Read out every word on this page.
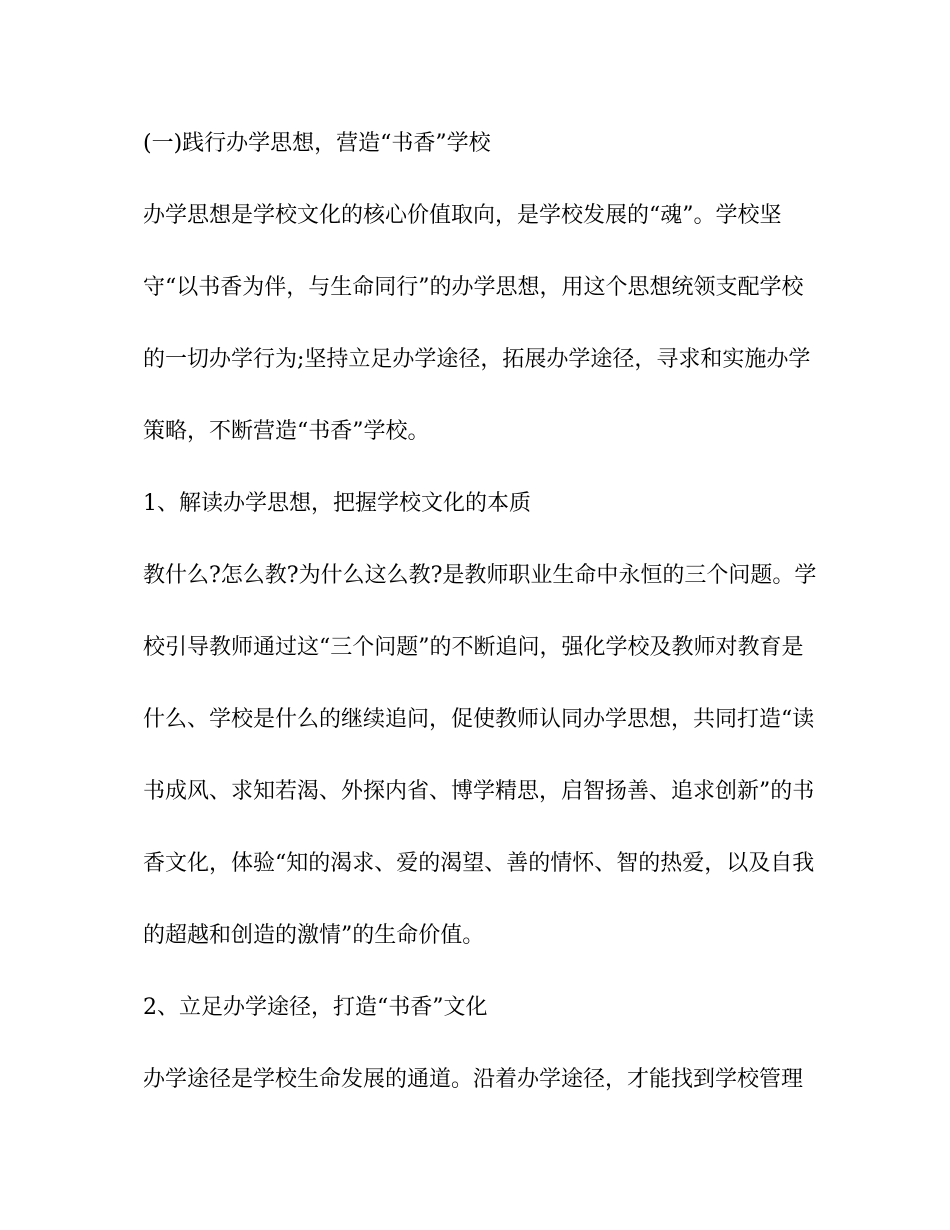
(一)践行办学思想，营造“书香”学校
办学思想是学校文化的核心价值取向，是学校发展的“魂”。学校坚
守“以书香为伴，与生命同行”的办学思想，用这个思想统领支配学校
的一切办学行为;坚持立足办学途径，拓展办学途径，寻求和实施办学
策略，不断营造“书香”学校。
1、解读办学思想，把握学校文化的本质
教什么?怎么教?为什么这么教?是教师职业生命中永恒的三个问题。学
校引导教师通过这“三个问题”的不断追问，强化学校及教师对教育是
什么、学校是什么的继续追问，促使教师认同办学思想，共同打造“读
书成风、求知若渴、外探内省、博学精思，启智扬善、追求创新”的书
香文化，体验“知的渴求、爱的渴望、善的情怀、智的热爱，以及自我
的超越和创造的激情”的生命价值。
2、立足办学途径，打造“书香”文化
办学途径是学校生命发展的通道。沿着办学途径，才能找到学校管理
